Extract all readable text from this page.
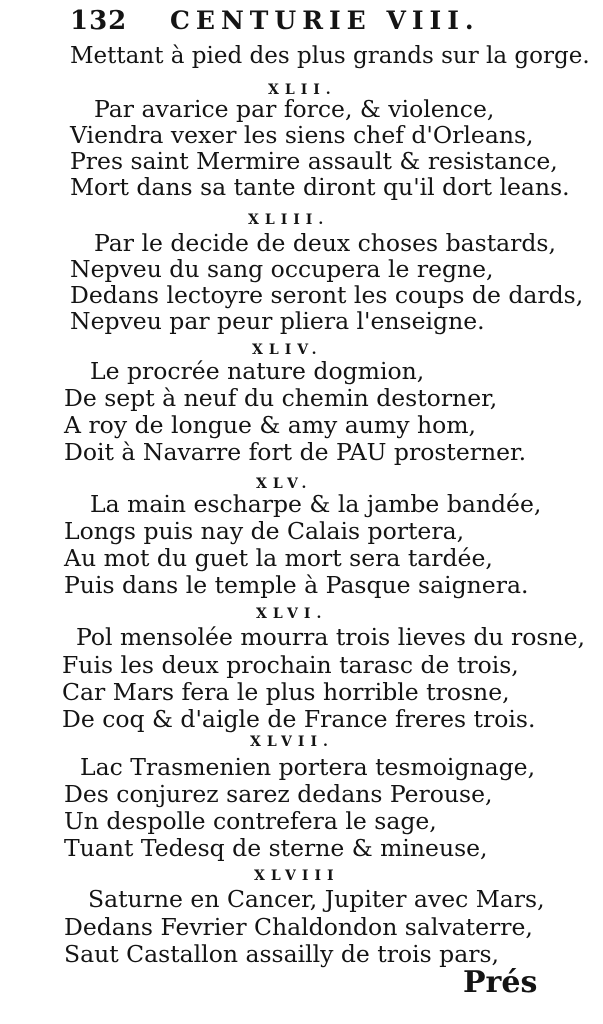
132 CENTURIE VIII.
Mettant à pied des plus grands sur la gorge.
XLII.
Par avarice par force, & violence,
Viendra vexer les siens chef d'Orleans,
Pres saint Mermire assault & resistance,
Mort dans sa tante diront qu'il dort leans.
XLIII.
Par le decide de deux choses bastards,
Nepveu du sang occupera le regne,
Dedans lectoyre seront les coups de dards,
Nepveu par peur pliera l'enseigne.
XLIV.
Le procrée nature dogmion,
De sept à neuf du chemin destorner,
A roy de longue & amy aumy hom,
Doit à Navarre fort de PAU prosterner.
XLV.
La main escharpe & la jambe bandée,
Longs puis nay de Calais portera,
Au mot du guet la mort sera tardée,
Puis dans le temple à Pasque saignera.
XLVI.
Pol mensolée mourra trois lieves du rosne,
Fuis les deux prochain tarasc de trois,
Car Mars fera le plus horrible trosne,
De coq & d'aigle de France freres trois.
XLVII.
Lac Trasmenien portera tesmoignage,
Des conjurez sarez dedans Perouse,
Un despolle contrefera le sage,
Tuant Tedesq de sterne & mineuse,
XLVIII
Saturne en Cancer, Jupiter avec Mars,
Dedans Fevrier Chaldondon salvaterre,
Saut Castallon assailly de trois pars,
Prés
